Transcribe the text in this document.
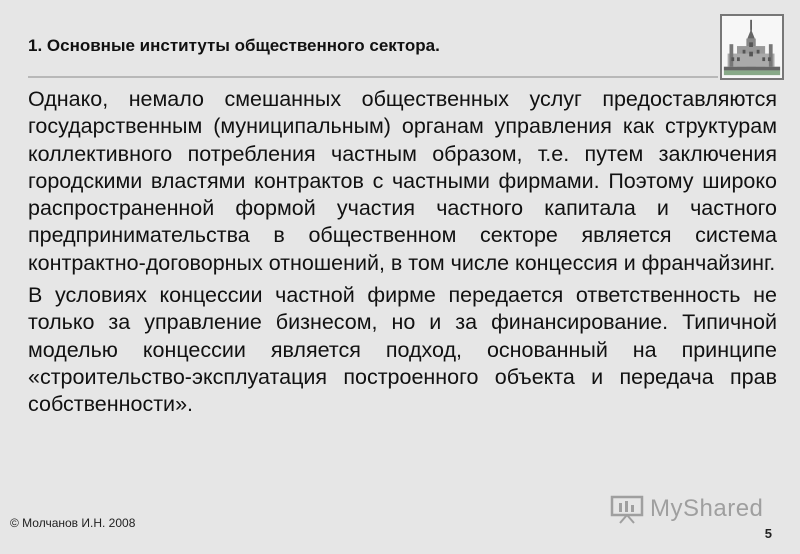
1. Основные институты общественного сектора.

Однако, немало смешанных общественных услуг предоставляются государственным (муниципальным) органам управления как структурам коллективного потребления частным образом, т.е. путем заключения городскими властями контрактов с частными фирмами. Поэтому широко распространенной формой участия частного капитала и частного предпринимательства в общественном секторе является система контрактно-договорных отношений, в том числе концессия и франчайзинг.

В условиях концессии частной фирме передается ответственность не только за управление бизнесом, но и за финансирование. Типичной моделью концессии является подход, основанный на принципе «строительство-эксплуатация построенного объекта и передача прав собственности».

MyShared
© Молчанов И.Н. 2008
5
